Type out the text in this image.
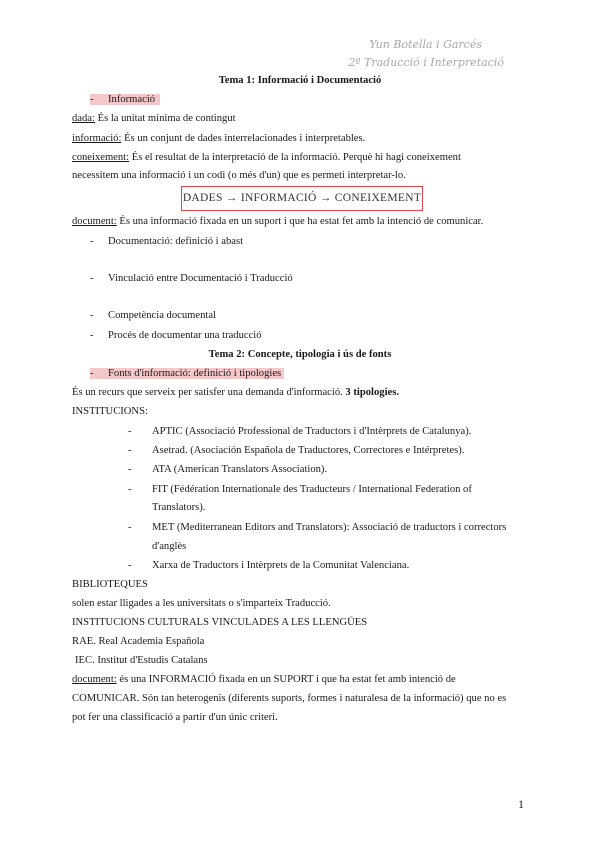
Yun Botella i Garcés
2º Traducció i Interpretació
Tema 1: Informació i Documentació
- Informació
dada: És la unitat mínima de contingut
informació: És un conjunt de dades interrelacionades i interpretables.
coneixement: És el resultat de la interpretació de la informació. Perquè hi hagi coneixement
necessitem una informació i un codi (o més d'un) que es permeti interpretar-lo.
DADES → INFORMACIÓ → CONEIXEMENT
document: És una informació fixada en un suport i que ha estat fet amb la intenció de comunicar.
- Documentació: definició i abast
- Vinculació entre Documentació i Traducció
- Competència documental
- Procés de documentar una traducció
Tema 2: Concepte, tipologia i ús de fonts
- Fonts d'informació: definició i tipologies
És un recurs que serveix per satisfer una demanda d'informació. 3 tipologies.
INSTITUCIONS:
- APTIC (Associació Professional de Traductors i d'Intèrprets de Catalunya).
- Asetrad. (Asociación Española de Traductores, Correctores e Intérpretes).
- ATA (American Translators Association).
- FIT (Fédération Internationale des Traducteurs / International Federation of
Translators).
- MET (Mediterranean Editors and Translators): Associació de traductors i correctors
d'anglès
- Xarxa de Traductors i Intèrprets de la Comunitat Valenciana.
BIBLIOTEQUES
solen estar lligades a les universitats o s'imparteix Traducció.
INSTITUCIONS CULTURALS VINCULADES A LES LLENGÜES
RAE. Real Academia Española
IEC. Institut d'Estudis Catalans
document: és una INFORMACIÓ fixada en un SUPORT i que ha estat fet amb intenció de
COMUNICAR. Són tan heterogenis (diferents suports, formes i naturalesa de la informació) que no es
pot fer una classificació a partir d'un únic criteri.
1
